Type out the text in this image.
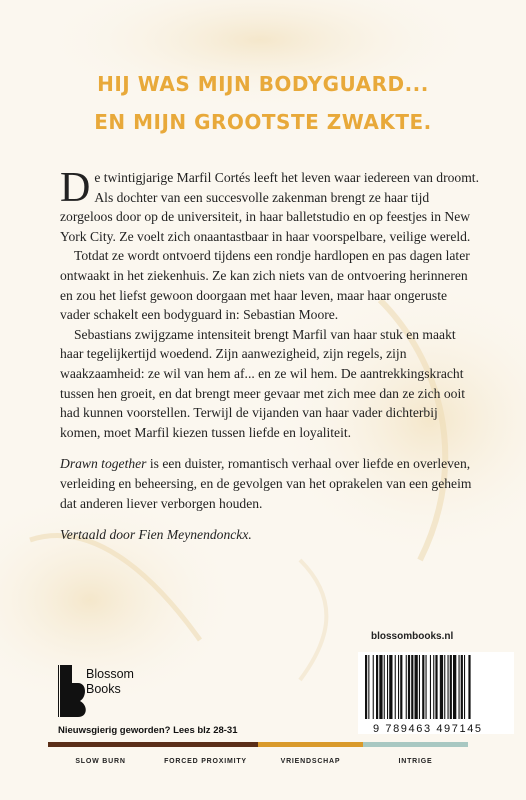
HIJ WAS MIJN BODYGUARD...
EN MIJN GROOTSTE ZWAKTE.

De twintigjarige Marfil Cortés leeft het leven waar iedereen van droomt. Als dochter van een succesvolle zakenman brengt ze haar tijd zorgeloos door op de universiteit, in haar balletstudio en op feestjes in New York City. Ze voelt zich onaantastbaar in haar voorspelbare, veilige wereld.

Totdat ze wordt ontvoerd tijdens een rondje hardlopen en pas dagen later ontwaakt in het ziekenhuis. Ze kan zich niets van de ontvoering herinneren en zou het liefst gewoon doorgaan met haar leven, maar haar ongeruste vader schakelt een bodyguard in: Sebastian Moore.

Sebastians zwijgzame intensiteit brengt Marfil van haar stuk en maakt haar tegelijkertijd woedend. Zijn aanwezigheid, zijn regels, zijn waakzaamheid: ze wil van hem af... en ze wil hem. De aantrekkingskracht tussen hen groeit, en dat brengt meer gevaar met zich mee dan ze zich ooit had kunnen voorstellen. Terwijl de vijanden van haar vader dichterbij komen, moet Marfil kiezen tussen liefde en loyaliteit.

Drawn together is een duister, romantisch verhaal over liefde en overleven, verleiding en beheersing, en de gevolgen van het oprakelen van een geheim dat anderen liever verborgen houden.

Vertaald door Fien Meynendonckx.

blossombooks.nl
Blossom
Books
9 789463 497145
Nieuwsgierig geworden? Lees blz 28-31
SLOW BURN	FORCED PROXIMITY	VRIENDSCHAP	INTRIGE
